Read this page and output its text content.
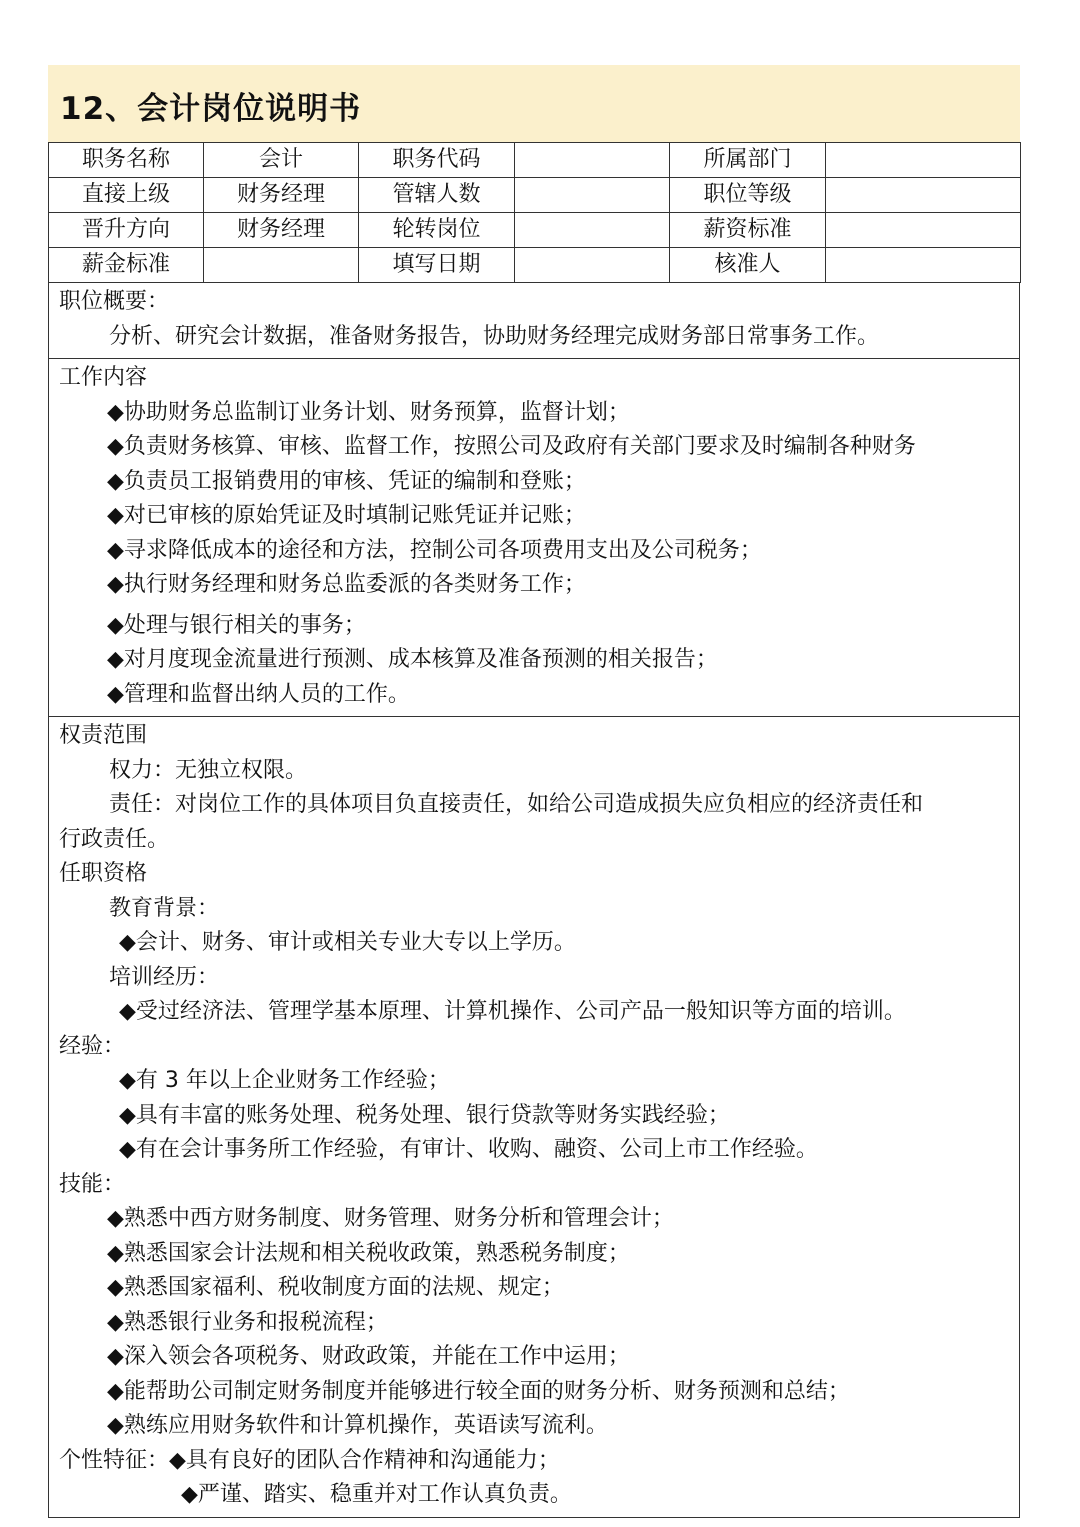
12、会计岗位说明书
职务名称	会计	职务代码		所属部门	
直接上级	财务经理	管辖人数		职位等级	
晋升方向	财务经理	轮转岗位		薪资标准	
薪金标准		填写日期		核准人	
职位概要：
分析、研究会计数据，准备财务报告，协助财务经理完成财务部日常事务工作。
工作内容
◆协助财务总监制订业务计划、财务预算，监督计划；
◆负责财务核算、审核、监督工作，按照公司及政府有关部门要求及时编制各种财务
◆负责员工报销费用的审核、凭证的编制和登账；
◆对已审核的原始凭证及时填制记账凭证并记账；
◆寻求降低成本的途径和方法，控制公司各项费用支出及公司税务；
◆执行财务经理和财务总监委派的各类财务工作；
◆处理与银行相关的事务；
◆对月度现金流量进行预测、成本核算及准备预测的相关报告；
◆管理和监督出纳人员的工作。
权责范围
权力：无独立权限。
责任：对岗位工作的具体项目负直接责任，如给公司造成损失应负相应的经济责任和
行政责任。
任职资格
教育背景：
◆会计、财务、审计或相关专业大专以上学历。
培训经历：
◆受过经济法、管理学基本原理、计算机操作、公司产品一般知识等方面的培训。
经验：
◆有 3 年以上企业财务工作经验；
◆具有丰富的账务处理、税务处理、银行贷款等财务实践经验；
◆有在会计事务所工作经验，有审计、收购、融资、公司上市工作经验。
技能：
◆熟悉中西方财务制度、财务管理、财务分析和管理会计；
◆熟悉国家会计法规和相关税收政策，熟悉税务制度；
◆熟悉国家福利、税收制度方面的法规、规定；
◆熟悉银行业务和报税流程；
◆深入领会各项税务、财政政策，并能在工作中运用；
◆能帮助公司制定财务制度并能够进行较全面的财务分析、财务预测和总结；
◆熟练应用财务软件和计算机操作，英语读写流利。
个性特征：◆具有良好的团队合作精神和沟通能力；
◆严谨、踏实、稳重并对工作认真负责。
